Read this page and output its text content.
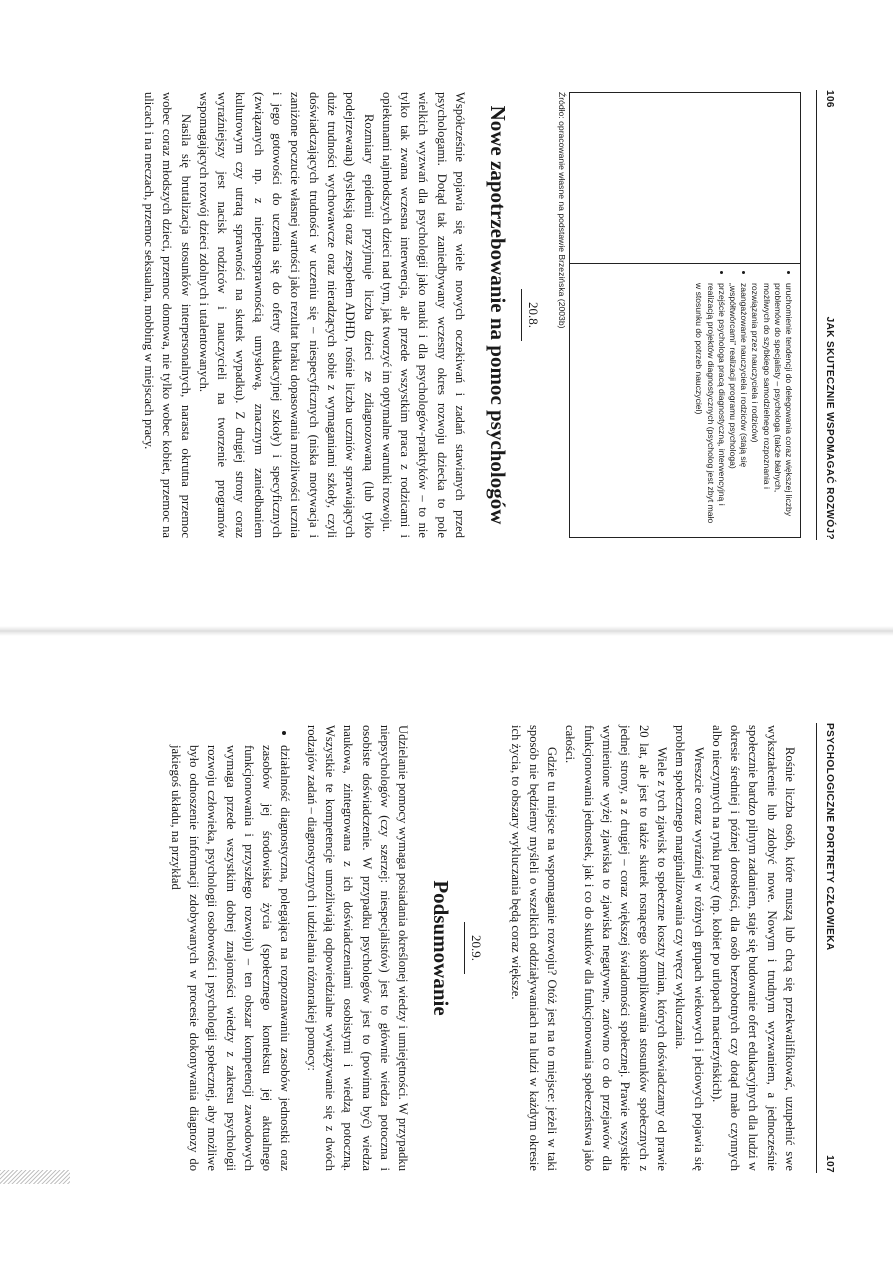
106
JAK SKUTECZNIE WSPOMAGAĆ ROZWÓJ?
• uruchomienie tendencji do delegowania coraz większej liczby problemów do specjalisty – psychologa (także błahych, możliwych do szybkiego samodzielnego rozpoznania i rozwiązania przez nauczyciela i rodziców)
• zaangażowanie nauczyciela i rodziców (stają się „współtwórcami” realizacji programu psychologa)
• przejście psychologa pracą diagnostyczną, interwencyjną i realizacją projektów diagnostycznych (psycholog jest zbyt mało w stosunku do potrzeb nauczyciel)
Źródło: opracowanie własne na podstawie Brzezińska (2003b)
20.8.
Nowe zapotrzebowanie na pomoc psychologów

Współcześnie pojawia się wiele nowych oczekiwań i zadań stawianych przed psychologami. Dotąd tak zaniedbywany wczesny okres rozwoju dziecka to pole wielkich wyzwań dla psychologii jako nauki i dla psychologów-praktyków – to nie tylko tak zwana wczesna interwencja, ale przede wszystkim praca z rodzicami i opiekunami najmłodszych dzieci nad tym, jak tworzyć im optymalne warunki rozwoju.

Rozmiary epidemii przyjmuje liczba dzieci ze zdiagnozowaną (lub tylko podejrzewaną) dysleksją oraz zespołem ADHD, rośnie liczba uczniów sprawiających duże trudności wychowawcze oraz nieradzących sobie z wymaganiami szkoły, czyli doświadczających trudności w uczeniu się – niespecyficznych (niska motywacja i zaniżone poczucie własnej wartości jako rezultat braku dopasowania możliwości ucznia i jego gotowości do uczenia się do oferty edukacyjnej szkoły) i specyficznych (związanych np. z niepełnosprawnością umysłową, znacznym zaniedbaniem kulturowym czy utratą sprawności na skutek wypadku). Z drugiej strony coraz wyraźniejszy jest nacisk rodziców i nauczycieli na tworzenie programów wspomagających rozwój dzieci zdolnych i utalentowanych.

Nasila się brutalizacja stosunków interpersonalnych, narasta okrutna przemoc wobec coraz młodszych dzieci, przemoc domowa, nie tylko wobec kobiet, przemoc na ulicach i na meczach, przemoc seksualna, mobbing w miejscach pracy.

PSYCHOLOGICZNE PORTRETY CZŁOWIEKA
107

Rośnie liczba osób, które muszą lub chcą się przekwalifikować, uzupełnić swe wykształcenie lub zdobyć nowe. Nowym i trudnym wyzwaniem, a jednocześnie społecznie bardzo pilnym zadaniem, staje się budowanie ofert edukacyjnych dla ludzi w okresie średniej i późnej dorosłości, dla osób bezrobotnych czy dotąd mało czynnych albo nieczynnych na rynku pracy (np. kobiet po urlopach macierzyńskich).

Wreszcie coraz wyraźniej w różnych grupach wiekowych i płciowych pojawia się problem społecznego marginalizowania czy wręcz wykluczania.

Wiele z tych zjawisk to społeczne koszty zmian, których doświadczamy od prawie 20 lat, ale jest to także skutek rosnącego skomplikowania stosunków społecznych z jednej strony, a z drugiej – coraz większej świadomości społecznej. Prawie wszystkie wymienione wyżej zjawiska to zjawiska negatywne, zarówno co do przejawów dla funkcjonowania jednostek, jak i co do skutków dla funkcjonowania społeczeństwa jako całości.

Gdzie tu miejsce na wspomaganie rozwoju? Otóż jest na to miejsce: jeżeli w taki sposób nie będziemy myśleli o wszelkich oddziaływaniach na ludzi w każdym okresie ich życia, to obszary wykluczania będą coraz większe.

20.9.
Podsumowanie

Udzielanie pomocy wymaga posiadania określonej wiedzy i umiejętności. W przypadku niepsychologów (czy szerzej: niespecjalistów) jest to głównie wiedza potoczna i osobiste doświadczenie. W przypadku psychologów jest to (powinna być) wiedza naukowa, zintegrowana z ich doświadczeniami osobistymi i wiedzą potoczną. Wszystkie te kompetencje umożliwiają odpowiedzialne wywiązywanie się z dwóch rodzajów zadań – diagnostycznych i udzielania różnorakiej pomocy:

• działalność diagnostyczna, polegająca na rozpoznawaniu zasobów jednostki oraz zasobów jej środowiska życia (społecznego kontekstu jej aktualnego funkcjonowania i przyszłego rozwoju) – ten obszar kompetencji zawodowych wymaga przede wszystkim dobrej znajomości wiedzy z zakresu psychologii rozwoju człowieka, psychologii osobowości i psychologii społecznej, aby możliwe było odnoszenie informacji zdobywanych w procesie dokonywania diagnozy do jakiegoś układu, na przykład
